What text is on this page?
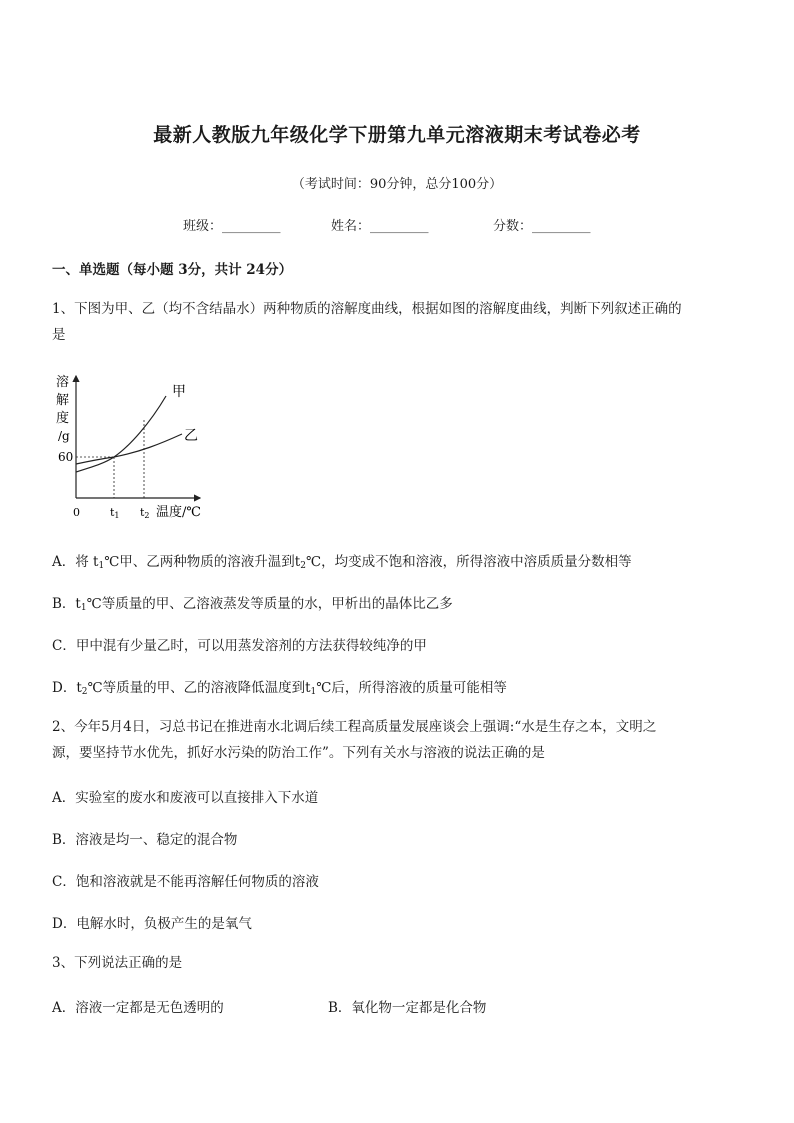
最新人教版九年级化学下册第九单元溶液期末考试卷必考
（考试时间：90分钟，总分100分）
班级：_________	姓名：_________	分数：_________
一、单选题（每小题 3分，共计 24分）
1、下图为甲、乙（均不含结晶水）两种物质的溶解度曲线，根据如图的溶解度曲线，判断下列叙述正确的
是
溶
解
度
/g
60
甲
乙
0	t1 t2 温度/℃
A．将 $t_1℃$甲、乙两种物质的溶液升温到$t_2℃$，均变成不饱和溶液，所得溶液中溶质质量分数相等
B．$t_1℃$等质量的甲、乙溶液蒸发等质量的水，甲析出的晶体比乙多
C．甲中混有少量乙时，可以用蒸发溶剂的方法获得较纯净的甲
D．$t_2℃$等质量的甲、乙的溶液降低温度到$t_1℃$后，所得溶液的质量可能相等
2、今年5月4日，习总书记在推进南水北调后续工程高质量发展座谈会上强调:“水是生存之本，文明之
源，要坚持节水优先，抓好水污染的防治工作”。下列有关水与溶液的说法正确的是
A．实验室的废水和废液可以直接排入下水道
B．溶液是均一、稳定的混合物
C．饱和溶液就是不能再溶解任何物质的溶液
D．电解水时，负极产生的是氧气
3、下列说法正确的是
A．溶液一定都是无色透明的	B．氧化物一定都是化合物
